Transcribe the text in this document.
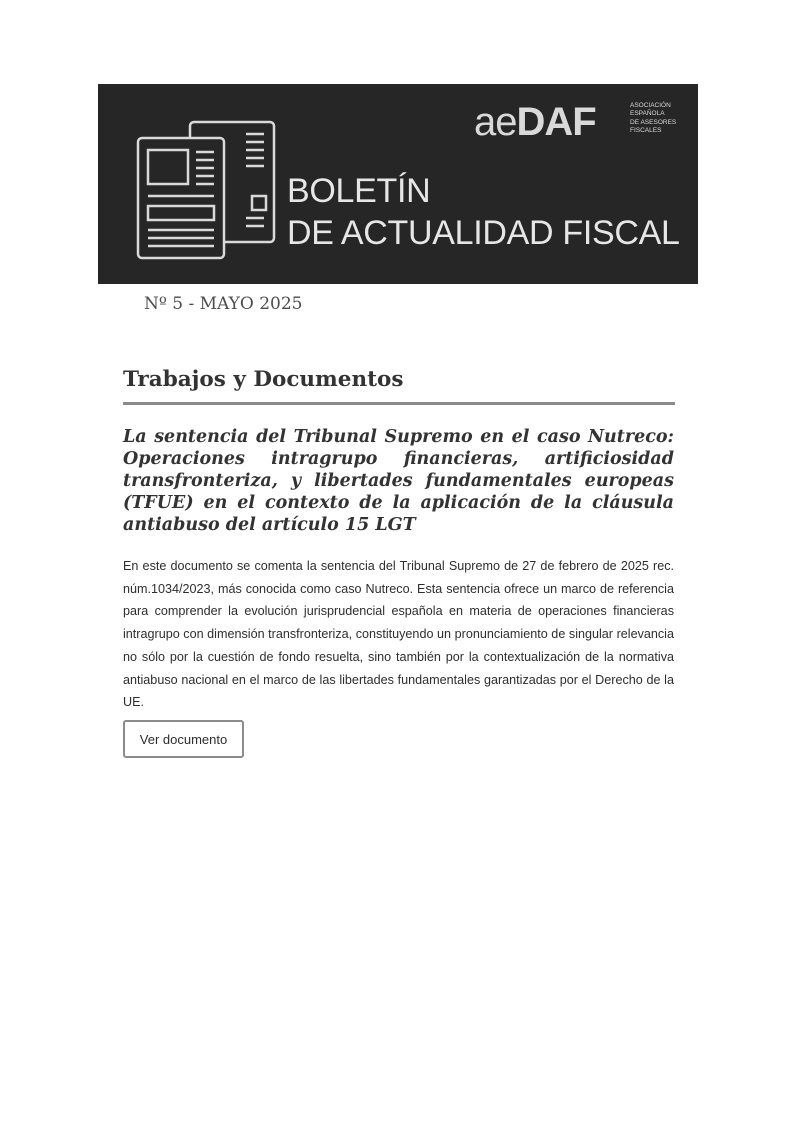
aeDAF	ASOCIACIÓN
ESPAÑOLA
DE ASESORES
FISCALES
BOLETÍN
DE ACTUALIDAD FISCAL
Nº 5 - MAYO 2025
Trabajos y Documentos
La sentencia del Tribunal Supremo en el caso Nutreco: Operaciones intragrupo financieras, artificiosidad transfronteriza, y libertades fundamentales europeas (TFUE) en el contexto de la aplicación de la cláusula antiabuso del artículo 15 LGT
En este documento se comenta la sentencia del Tribunal Supremo de 27 de febrero de 2025 rec. núm.1034/2023, más conocida como caso Nutreco. Esta sentencia ofrece un marco de referencia para comprender la evolución jurisprudencial española en materia de operaciones financieras intragrupo con dimensión transfronteriza, constituyendo un pronunciamiento de singular relevancia no sólo por la cuestión de fondo resuelta, sino también por la contextualización de la normativa antiabuso nacional en el marco de las libertades fundamentales garantizadas por el Derecho de la UE.
Ver documento
